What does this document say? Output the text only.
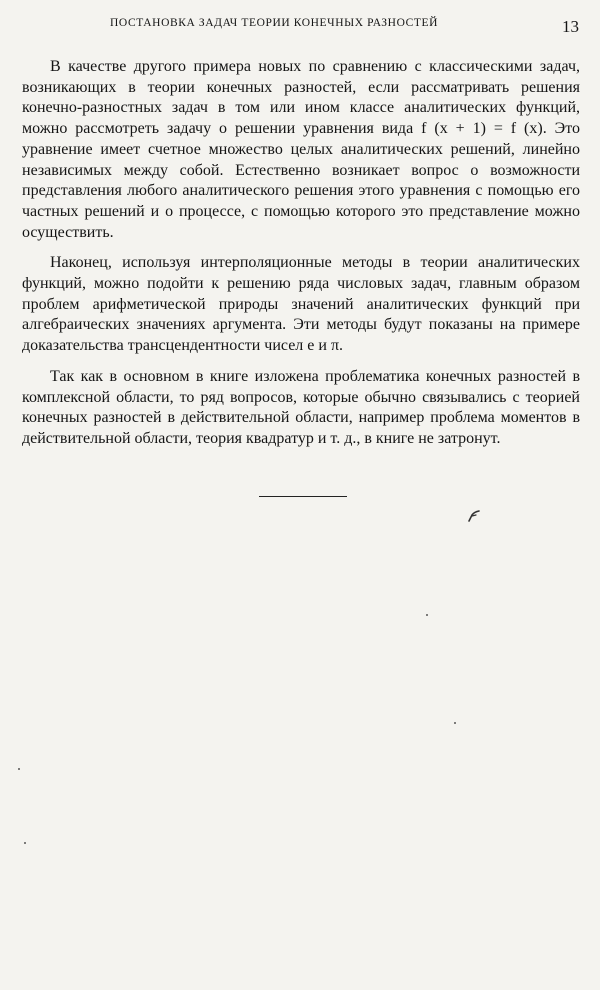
ПОСТАНОВКА ЗАДАЧ ТЕОРИИ КОНЕЧНЫХ РАЗНОСТЕЙ	13

В качестве другого примера новых по сравнению с классическими задач, возникающих в теории конечных разностей, если рассматривать решения конечно-разностных задач в том или ином классе аналитических функций, можно рассмотреть задачу о решении уравнения вида f (x + 1) = f (x). Это уравнение имеет счетное множество целых аналитических решений, линейно независимых между собой. Естественно возникает вопрос о возможности представления любого аналитического решения этого уравнения с помощью его частных решений и о процессе, с помощью которого это представление можно осуществить.

Наконец, используя интерполяционные методы в теории аналитических функций, можно подойти к решению ряда числовых задач, главным образом проблем арифметической природы значений аналитических функций при алгебраических значениях аргумента. Эти методы будут показаны на примере доказательства трансцендентности чисел e и π.

Так как в основном в книге изложена проблематика конечных разностей в комплексной области, то ряд вопросов, которые обычно связывались с теорией конечных разностей в действительной области, например проблема моментов в действительной области, теория квадратур и т. д., в книге не затронут.
